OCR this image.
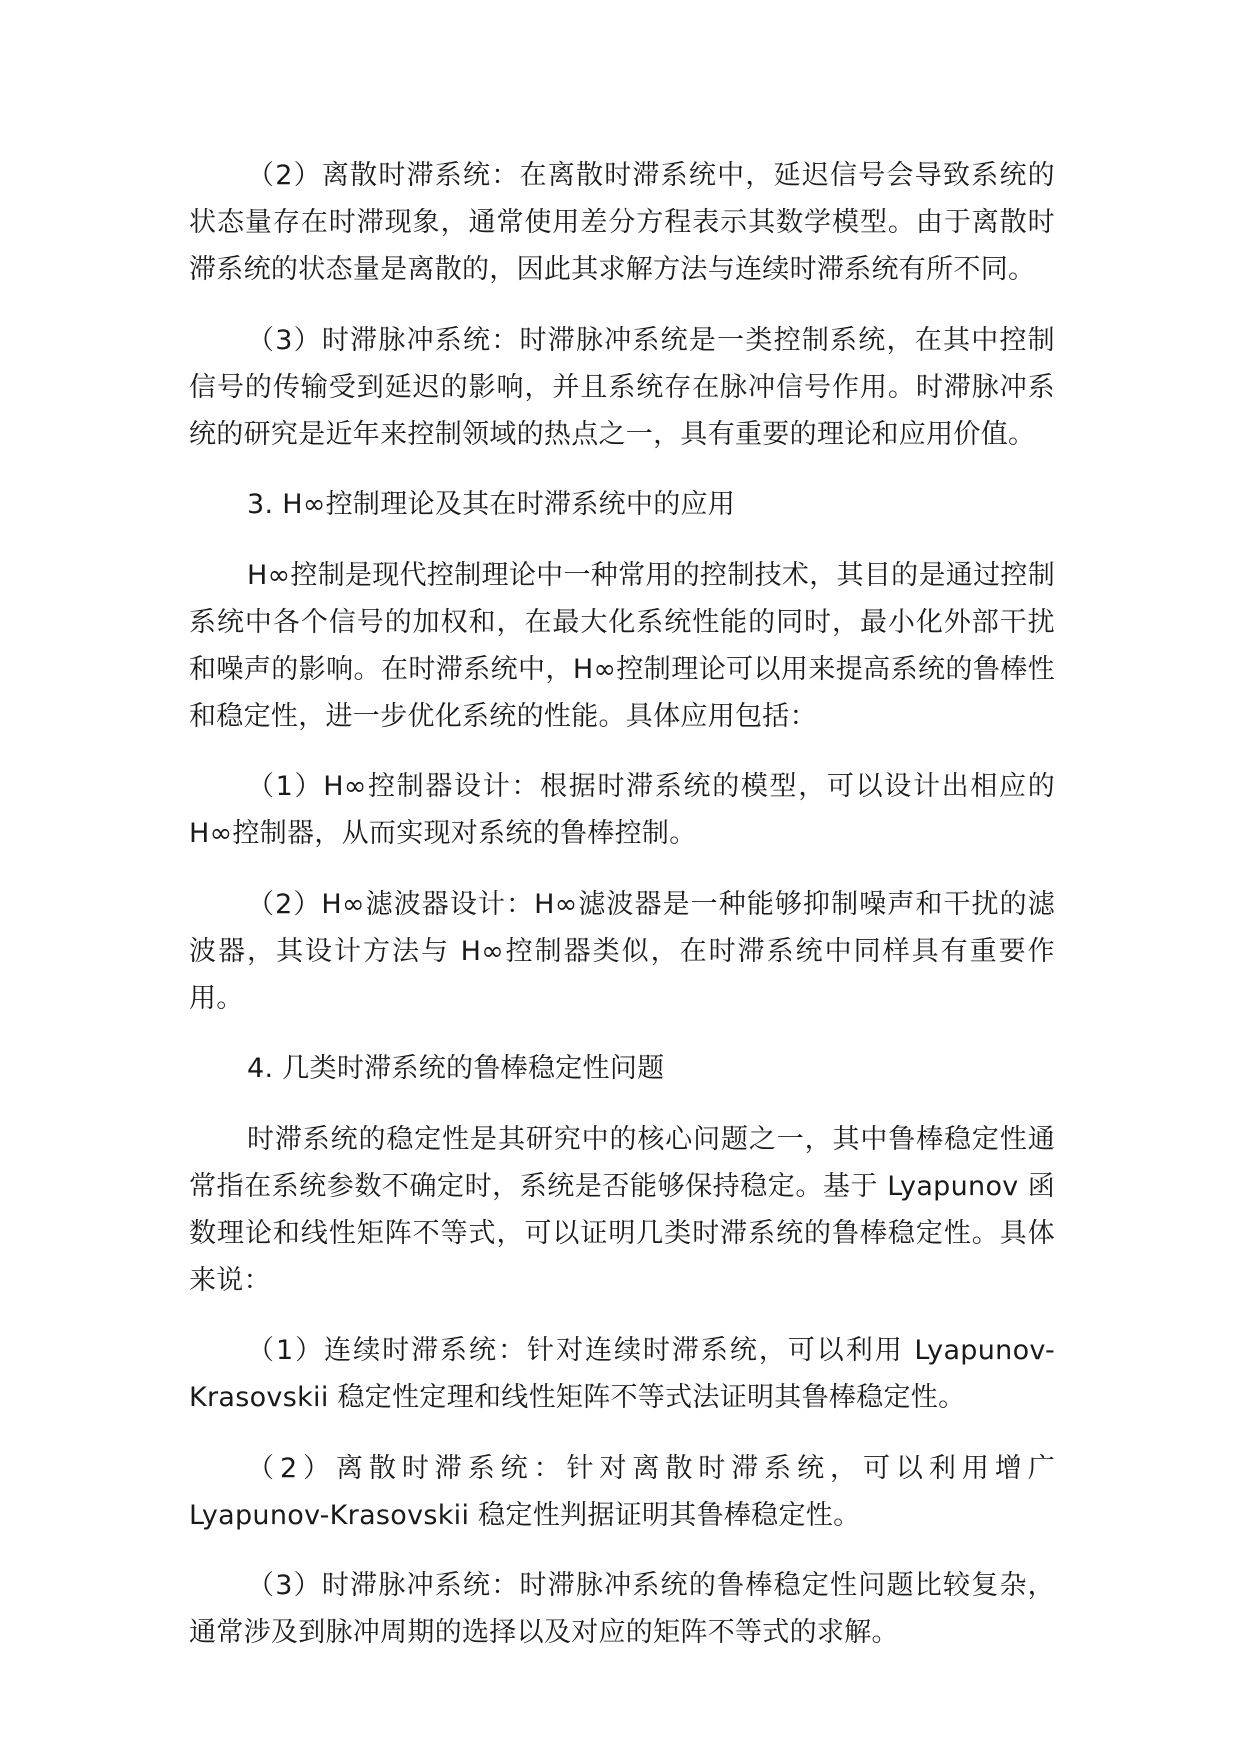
（2）离散时滞系统：在离散时滞系统中，延迟信号会导致系统的状态量存在时滞现象，通常使用差分方程表示其数学模型。由于离散时滞系统的状态量是离散的，因此其求解方法与连续时滞系统有所不同。

（3）时滞脉冲系统：时滞脉冲系统是一类控制系统，在其中控制信号的传输受到延迟的影响，并且系统存在脉冲信号作用。时滞脉冲系统的研究是近年来控制领域的热点之一，具有重要的理论和应用价值。

3. H∞控制理论及其在时滞系统中的应用

H∞控制是现代控制理论中一种常用的控制技术，其目的是通过控制系统中各个信号的加权和，在最大化系统性能的同时，最小化外部干扰和噪声的影响。在时滞系统中，H∞控制理论可以用来提高系统的鲁棒性和稳定性，进一步优化系统的性能。具体应用包括：

（1）H∞控制器设计：根据时滞系统的模型，可以设计出相应的 H∞控制器，从而实现对系统的鲁棒控制。

（2）H∞滤波器设计：H∞滤波器是一种能够抑制噪声和干扰的滤波器，其设计方法与 H∞控制器类似，在时滞系统中同样具有重要作用。

4. 几类时滞系统的鲁棒稳定性问题

时滞系统的稳定性是其研究中的核心问题之一，其中鲁棒稳定性通常指在系统参数不确定时，系统是否能够保持稳定。基于 Lyapunov 函数理论和线性矩阵不等式，可以证明几类时滞系统的鲁棒稳定性。具体来说：

（1）连续时滞系统：针对连续时滞系统，可以利用 Lyapunov-Krasovskii 稳定性定理和线性矩阵不等式法证明其鲁棒稳定性。

（2）离散时滞系统：针对离散时滞系统，可以利用增广 Lyapunov-Krasovskii 稳定性判据证明其鲁棒稳定性。

（3）时滞脉冲系统：时滞脉冲系统的鲁棒稳定性问题比较复杂，通常涉及到脉冲周期的选择以及对应的矩阵不等式的求解。
